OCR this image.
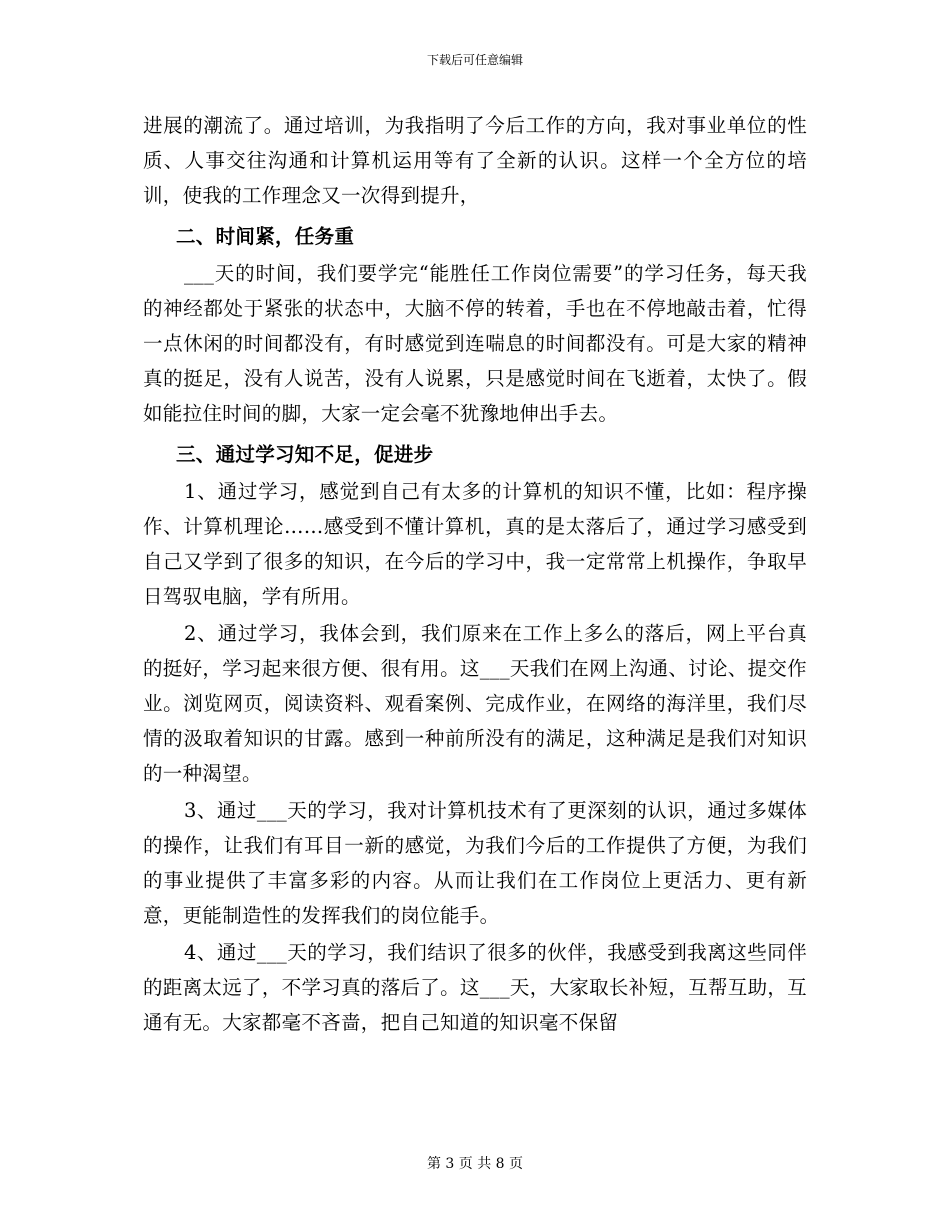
下载后可任意编辑

进展的潮流了。通过培训，为我指明了今后工作的方向，我对事业单位的性质、人事交往沟通和计算机运用等有了全新的认识。这样一个全方位的培训，使我的工作理念又一次得到提升，

二、时间紧，任务重

___天的时间，我们要学完“能胜任工作岗位需要”的学习任务，每天我的神经都处于紧张的状态中，大脑不停的转着，手也在不停地敲击着，忙得一点休闲的时间都没有，有时感觉到连喘息的时间都没有。可是大家的精神真的挺足，没有人说苦，没有人说累，只是感觉时间在飞逝着，太快了。假如能拉住时间的脚，大家一定会毫不犹豫地伸出手去。

三、通过学习知不足，促进步

1、通过学习，感觉到自己有太多的计算机的知识不懂，比如：程序操作、计算机理论……感受到不懂计算机，真的是太落后了，通过学习感受到自己又学到了很多的知识，在今后的学习中，我一定常常上机操作，争取早日驾驭电脑，学有所用。

2、通过学习，我体会到，我们原来在工作上多么的落后，网上平台真的挺好，学习起来很方便、很有用。这___天我们在网上沟通、讨论、提交作业。浏览网页，阅读资料、观看案例、完成作业，在网络的海洋里，我们尽情的汲取着知识的甘露。感到一种前所没有的满足，这种满足是我们对知识的一种渴望。

3、通过___天的学习，我对计算机技术有了更深刻的认识，通过多媒体的操作，让我们有耳目一新的感觉，为我们今后的工作提供了方便，为我们的事业提供了丰富多彩的内容。从而让我们在工作岗位上更活力、更有新意，更能制造性的发挥我们的岗位能手。

4、通过___天的学习，我们结识了很多的伙伴，我感受到我离这些同伴的距离太远了，不学习真的落后了。这___天，大家取长补短，互帮互助，互通有无。大家都毫不吝啬，把自己知道的知识毫不保留

第 3 页 共 8 页
